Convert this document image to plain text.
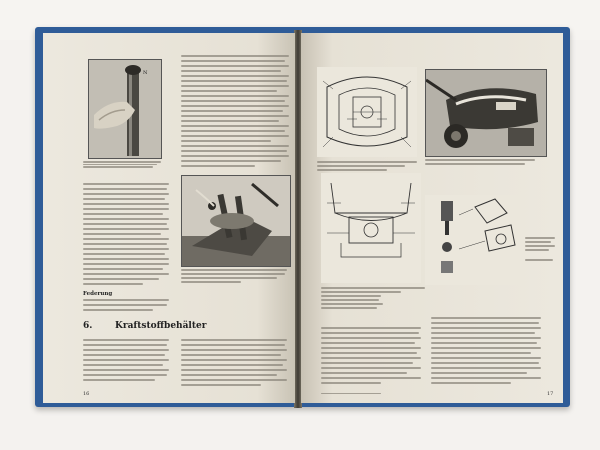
N
Federung
6.	Kraftstoffbehälter
16	17
